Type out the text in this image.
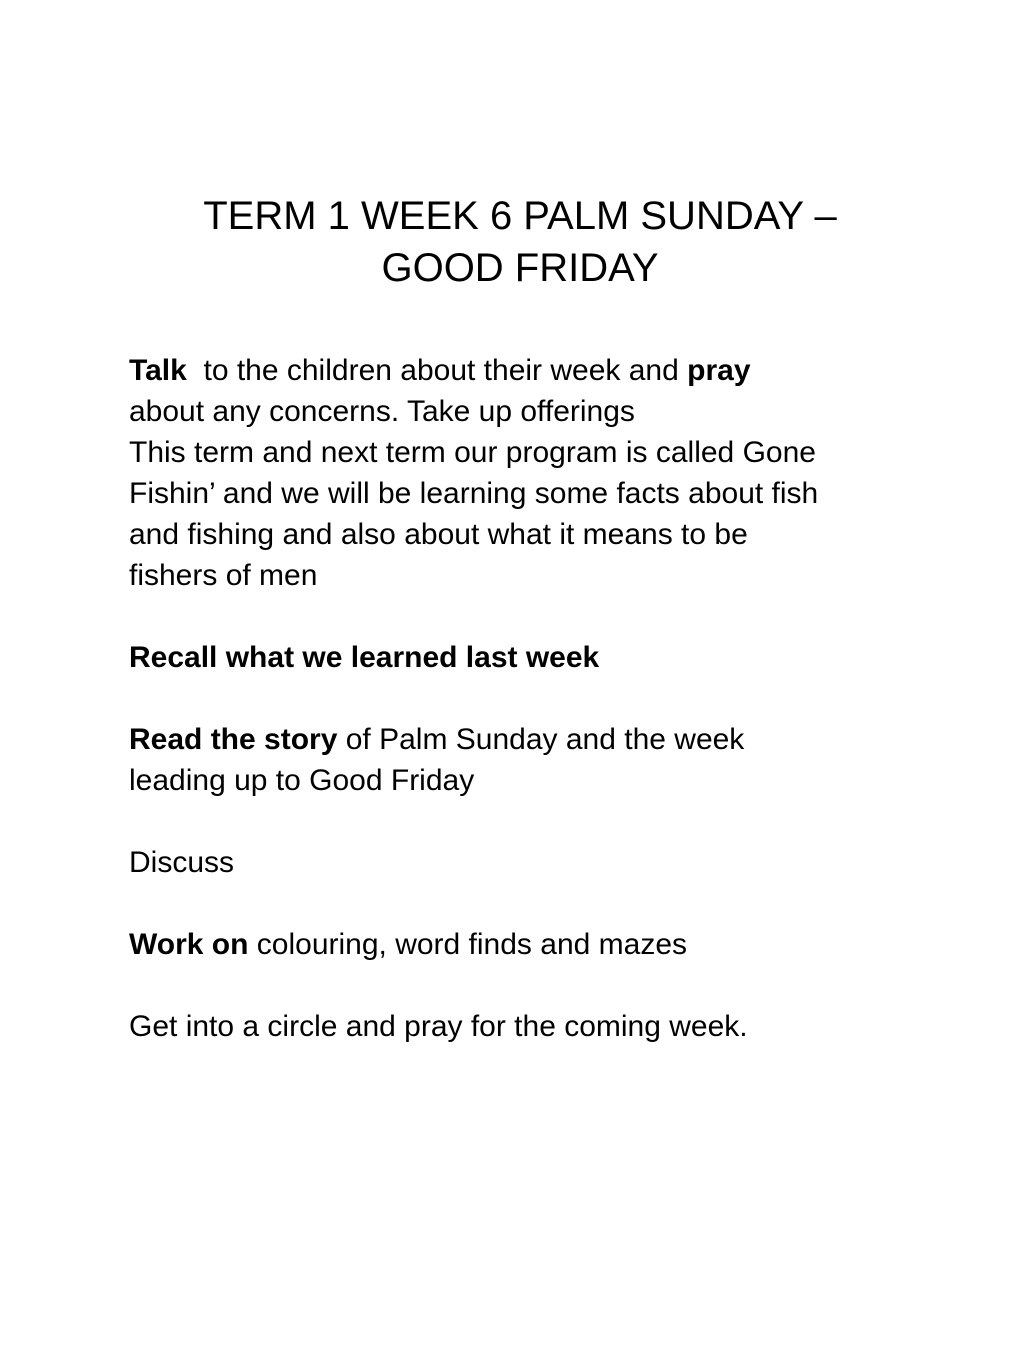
TERM 1 WEEK 6 PALM SUNDAY –
GOOD FRIDAY

Talk  to the children about their week and pray
about any concerns. Take up offerings
This term and next term our program is called Gone
Fishin’ and we will be learning some facts about fish
and fishing and also about what it means to be
fishers of men

Recall what we learned last week

Read the story of Palm Sunday and the week
leading up to Good Friday

Discuss

Work on colouring, word finds and mazes

Get into a circle and pray for the coming week.
